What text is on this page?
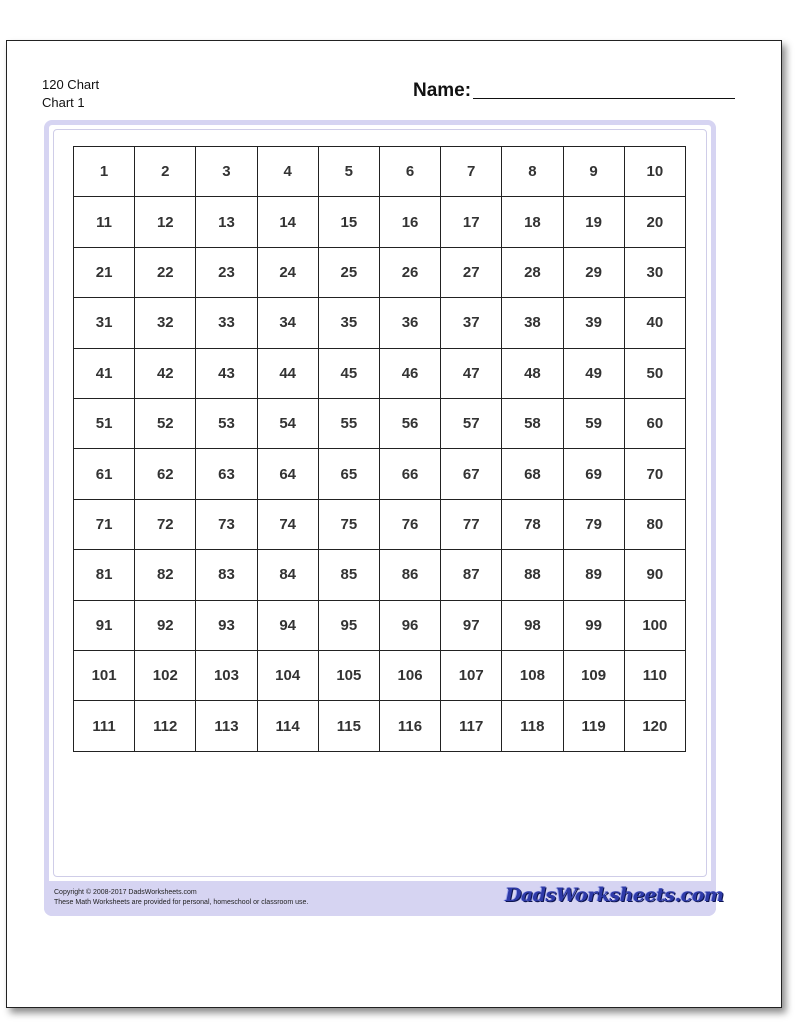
120 Chart
Chart 1
Name:
1	2	3	4	5	6	7	8	9	10
11	12	13	14	15	16	17	18	19	20
21	22	23	24	25	26	27	28	29	30
31	32	33	34	35	36	37	38	39	40
41	42	43	44	45	46	47	48	49	50
51	52	53	54	55	56	57	58	59	60
61	62	63	64	65	66	67	68	69	70
71	72	73	74	75	76	77	78	79	80
81	82	83	84	85	86	87	88	89	90
91	92	93	94	95	96	97	98	99	100
101	102	103	104	105	106	107	108	109	110
111	112	113	114	115	116	117	118	119	120
Copyright © 2008-2017 DadsWorksheets.com
These Math Worksheets are provided for personal, homeschool or classroom use.	DadsWorksheets.com
